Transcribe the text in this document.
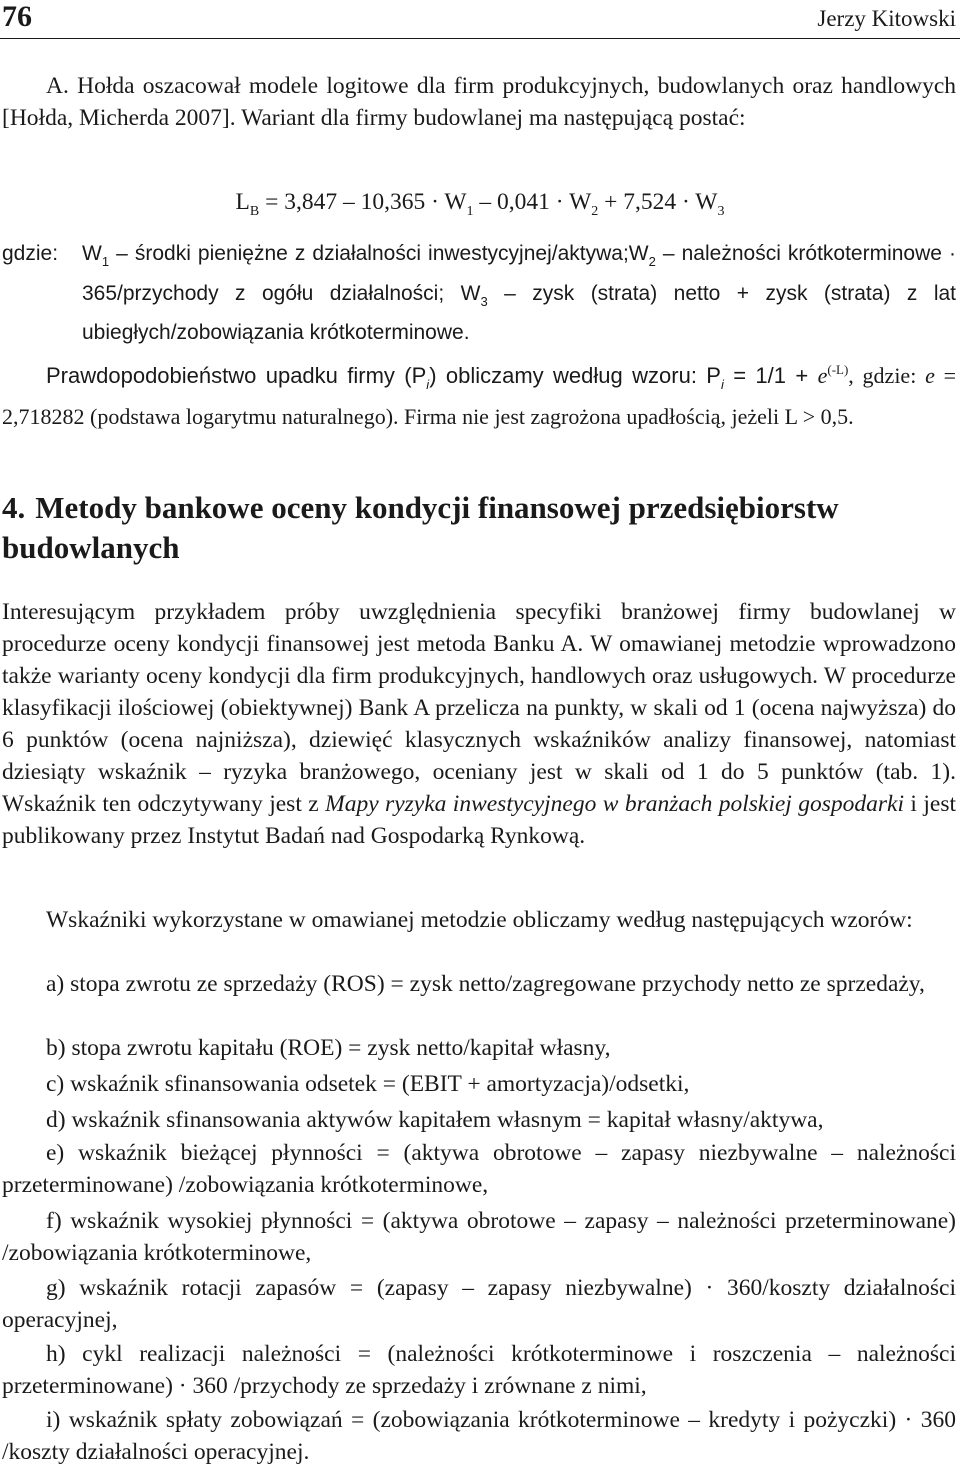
76	Jerzy Kitowski

A. Hołda oszacował modele logitowe dla firm produkcyjnych, budowlanych oraz handlowych [Hołda, Micherda 2007]. Wariant dla firmy budowlanej ma następującą postać:

$L_B = 3,847 - 10,365 \cdot W_1 - 0,041 \cdot W_2 + 7,524 \cdot W_3$
gdzie:	$W_1$ – środki pieniężne z działalności inwestycyjnej/$aktywa;W_2$ – należności krótkoterminowe · 365/przychody z ogółu działalności; $W_3$ – zysk (strata) netto + zysk (strata) z lat ubiegłych/zobowiązania krótkoterminowe.

Prawdopodobieństwo upadku firmy $(P_i)$ obliczamy według wzoru: $P_i = 1/1 + e^{(-L)}$, gdzie: e = 2,718282 (podstawa logarytmu naturalnego). Firma nie jest zagrożona upadłością, jeżeli L > 0,5.

4. Metody bankowe oceny kondycji finansowej przedsiębiorstw budowlanych

Interesującym przykładem próby uwzględnienia specyfiki branżowej firmy budowlanej w procedurze oceny kondycji finansowej jest metoda Banku A. W omawianej metodzie wprowadzono także warianty oceny kondycji dla firm produkcyjnych, handlowych oraz usługowych. W procedurze klasyfikacji ilościowej (obiektywnej) Bank A przelicza na punkty, w skali od 1 (ocena najwyższa) do 6 punktów (ocena najniższa), dziewięć klasycznych wskaźników analizy finansowej, natomiast dziesiąty wskaźnik – ryzyka branżowego, oceniany jest w skali od 1 do 5 punktów (tab. 1). Wskaźnik ten odczytywany jest z Mapy ryzyka inwestycyjnego w branżach polskiej gospodarki i jest publikowany przez Instytut Badań nad Gospodarką Rynkową.

Wskaźniki wykorzystane w omawianej metodzie obliczamy według następujących wzorów:

a) stopa zwrotu ze sprzedaży (ROS) = zysk netto/zagregowane przychody netto ze sprzedaży,

b) stopa zwrotu kapitału (ROE) = zysk netto/kapitał własny,

c) wskaźnik sfinansowania odsetek = (EBIT + amortyzacja)/odsetki,

d) wskaźnik sfinansowania aktywów kapitałem własnym = kapitał własny/aktywa,

e) wskaźnik bieżącej płynności = (aktywa obrotowe – zapasy niezbywalne – należności przeterminowane) /zobowiązania krótkoterminowe,

f) wskaźnik wysokiej płynności = (aktywa obrotowe – zapasy – należności przeterminowane) /zobowiązania krótkoterminowe,

g) wskaźnik rotacji zapasów = (zapasy – zapasy niezbywalne) · 360/koszty działalności operacyjnej,

h) cykl realizacji należności = (należności krótkoterminowe i roszczenia – należności przeterminowane) · 360 /przychody ze sprzedaży i zrównane z nimi,

i) wskaźnik spłaty zobowiązań = (zobowiązania krótkoterminowe – kredyty i pożyczki) · 360 /koszty działalności operacyjnej.
